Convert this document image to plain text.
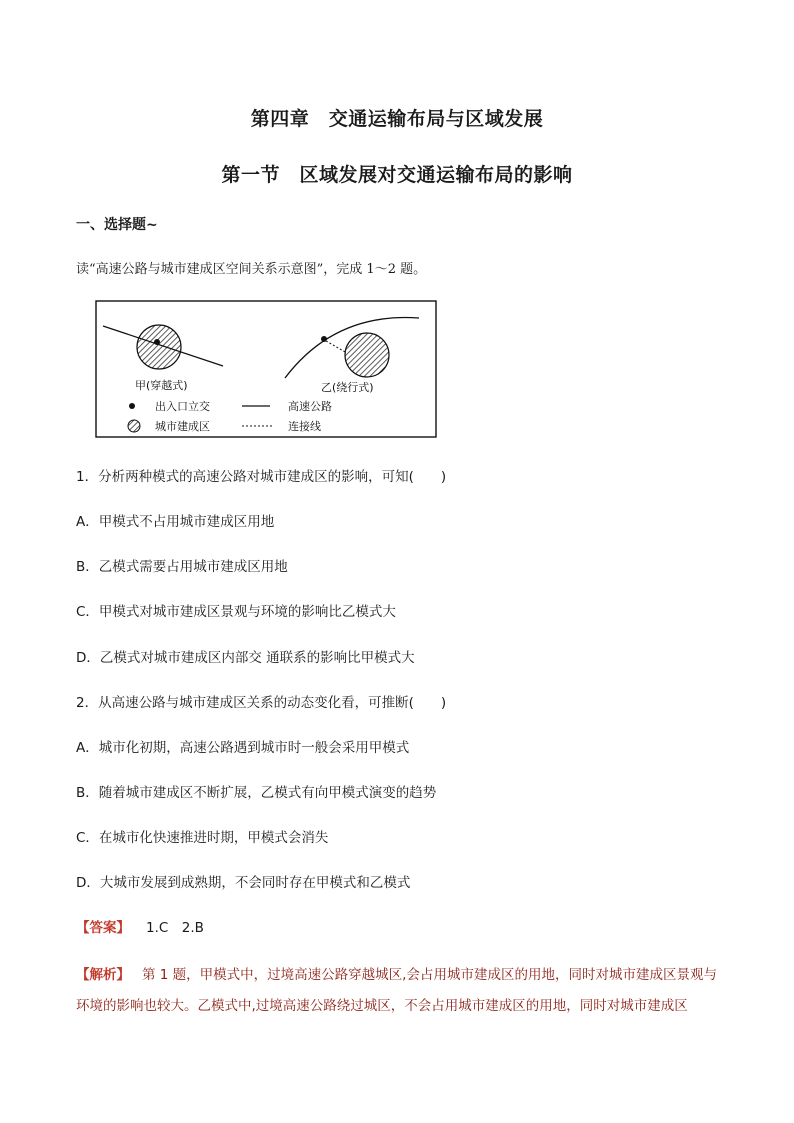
第四章　交通运输布局与区域发展
第一节　区域发展对交通运输布局的影响
一、选择题~
读“高速公路与城市建成区空间关系示意图”，完成 1～2 题。
甲(穿越式)	乙(绕行式)
出入口立交	高速公路
城市建成区	连接线
1．分析两种模式的高速公路对城市建成区的影响，可知(　　)
A．甲模式不占用城市建成区用地
B．乙模式需要占用城市建成区用地
C．甲模式对城市建成区景观与环境的影响比乙模式大
D．乙模式对城市建成区内部交 通联系的影响比甲模式大
2．从高速公路与城市建成区关系的动态变化看，可推断(　　)
A．城市化初期，高速公路遇到城市时一般会采用甲模式
B．随着城市建成区不断扩展，乙模式有向甲模式演变的趋势
C．在城市化快速推进时期，甲模式会消失
D．大城市发展到成熟期，不会同时存在甲模式和乙模式
【答案】 1.C　2.B
【解析】 第 1 题，甲模式中，过境高速公路穿越城区,会占用城市建成区的用地，同时对城市建成区景观与环境的影响也较大。乙模式中,过境高速公路绕过城区，不会占用城市建成区的用地，同时对城市建成区
